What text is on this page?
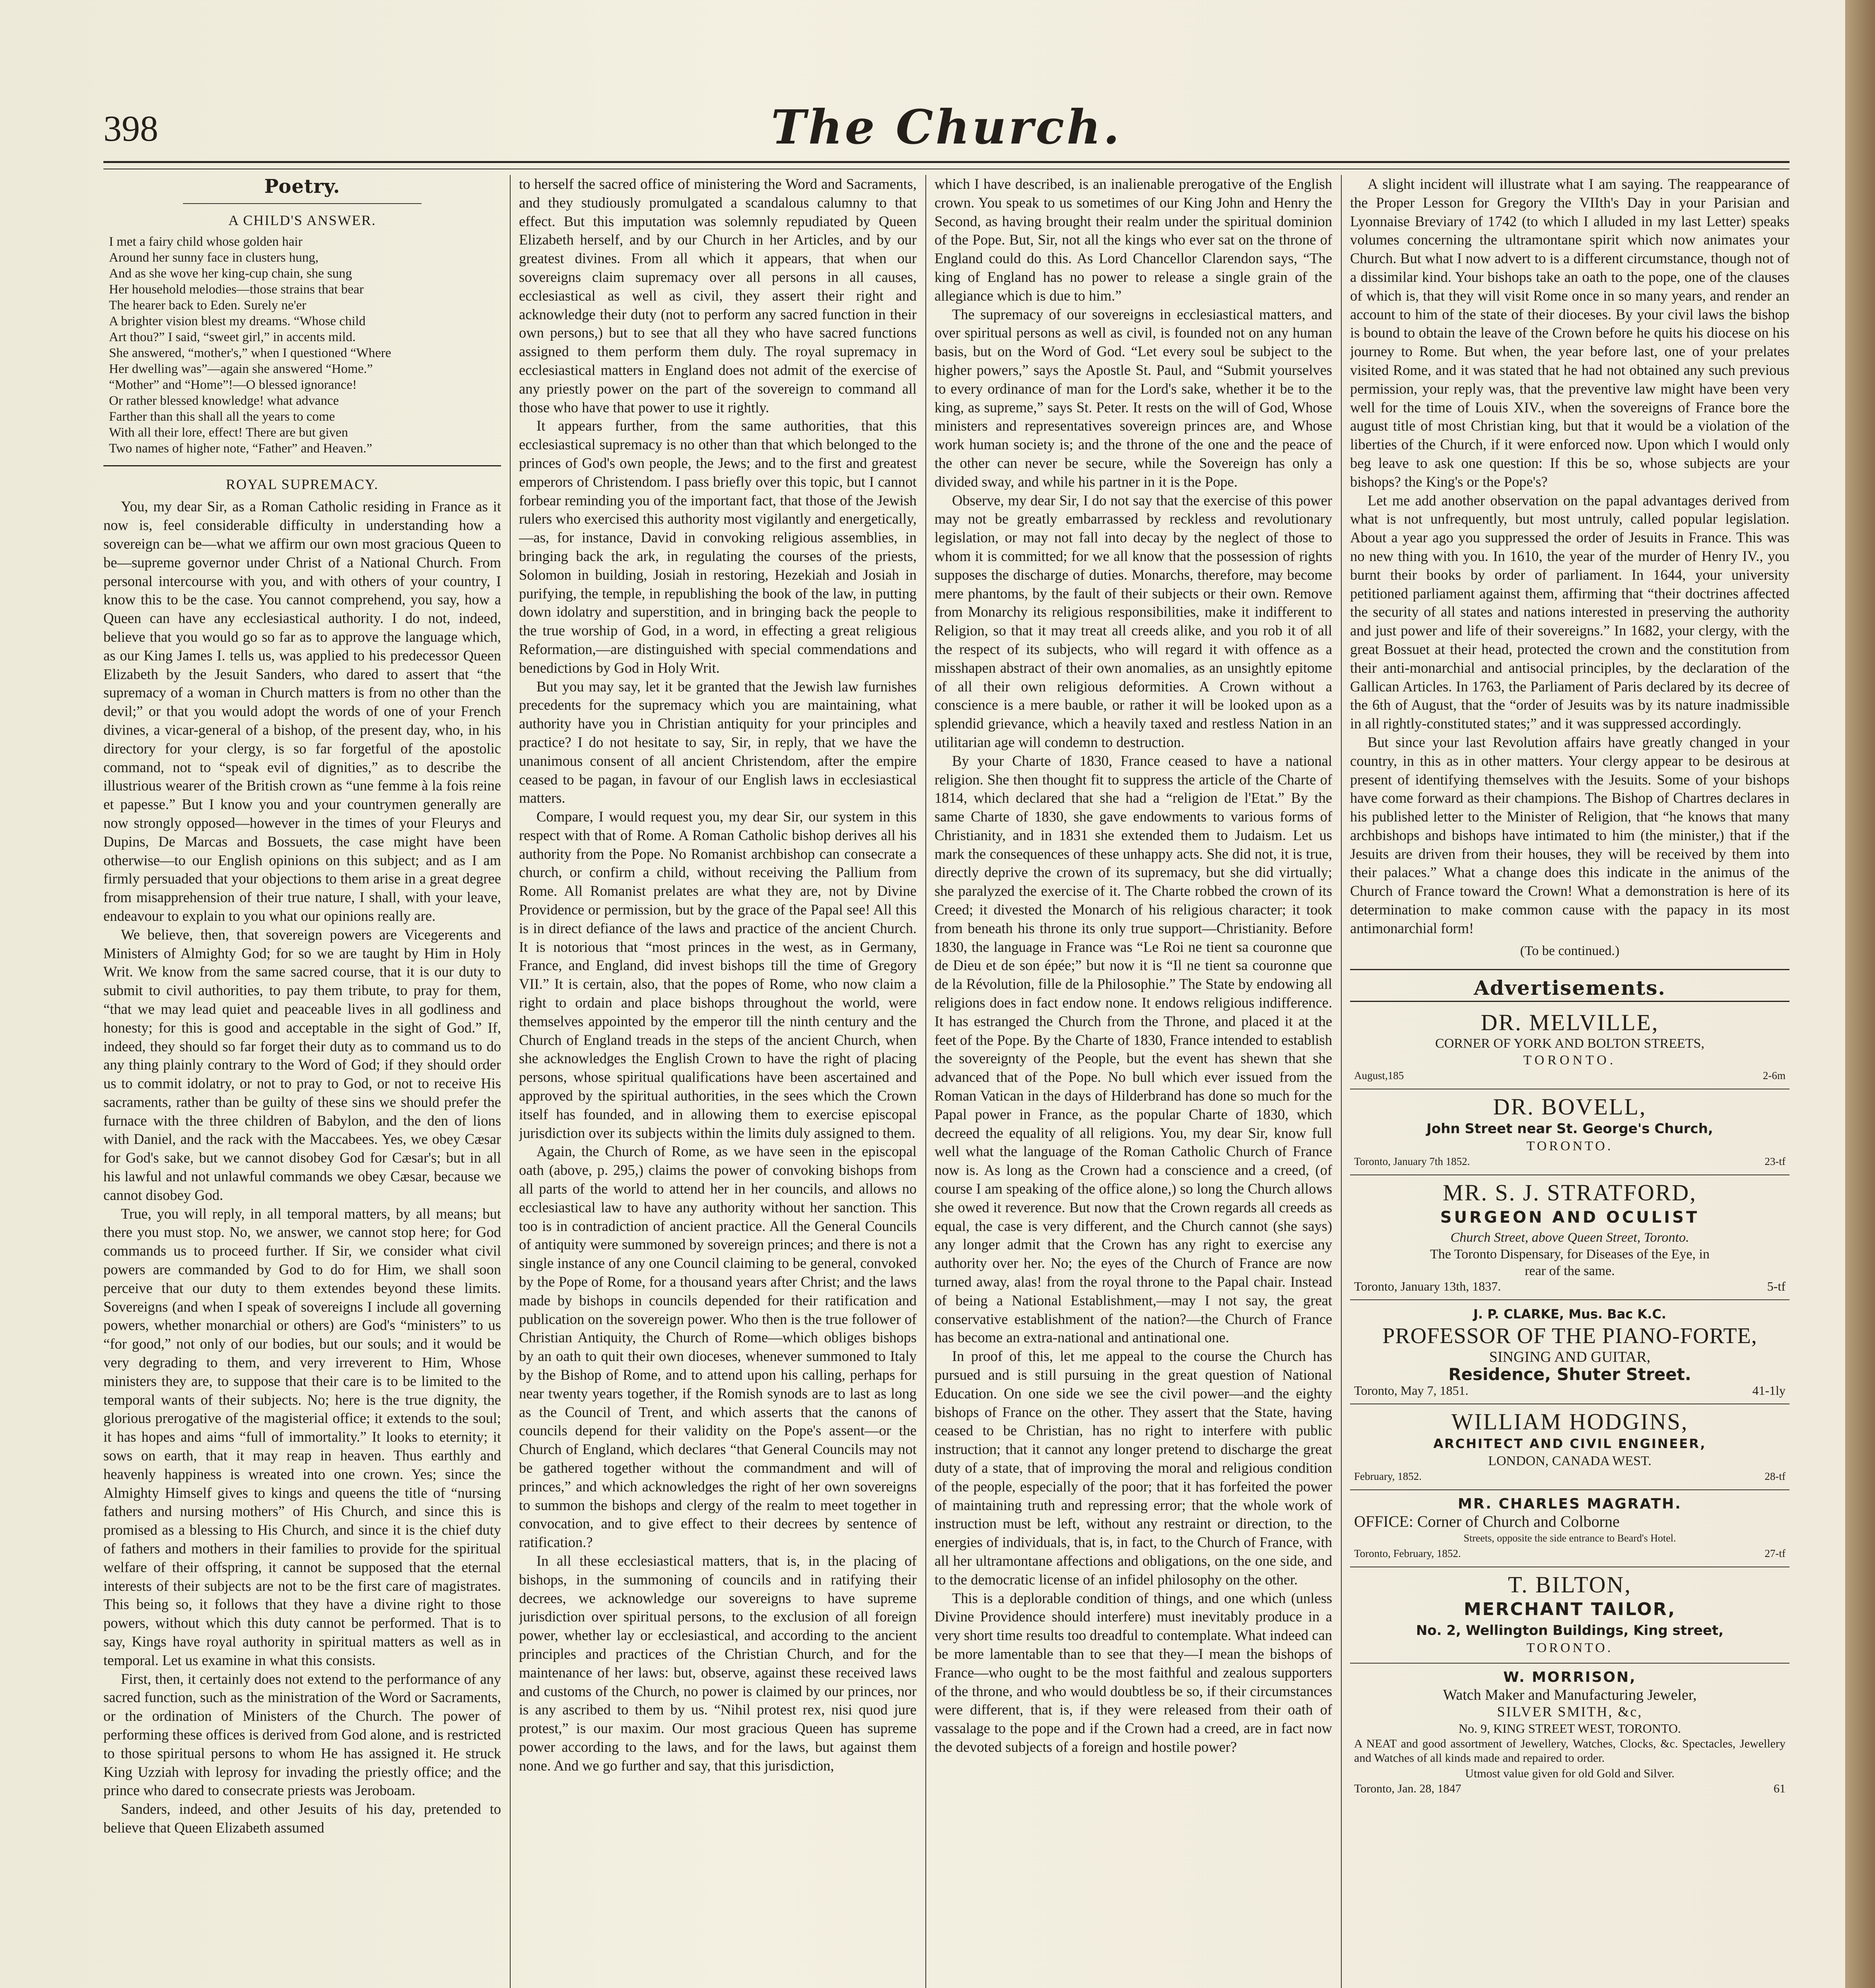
398	The Church.
Poetry.
A CHILD'S ANSWER.
I met a fairy child whose golden hair
Around her sunny face in clusters hung,
And as she wove her king-cup chain, she sung
Her household melodies—those strains that bear
The hearer back to Eden. Surely ne'er
A brighter vision blest my dreams. “Whose child
Art thou?” I said, “sweet girl,” in accents mild.
She answered, “mother's,” when I questioned “Where
Her dwelling was”—again she answered “Home.”
“Mother” and “Home”!—O blessed ignorance!
Or rather blessed knowledge! what advance
Farther than this shall all the years to come
With all their lore, effect! There are but given
Two names of higher note, “Father” and Heaven.”
ROYAL SUPREMACY.

You, my dear Sir, as a Roman Catholic residing in France as it now is, feel considerable difficulty in understanding how a sovereign can be—what we affirm our own most gracious Queen to be—supreme governor under Christ of a National Church. From personal intercourse with you, and with others of your country, I know this to be the case. You cannot comprehend, you say, how a Queen can have any ecclesiastical authority. I do not, indeed, believe that you would go so far as to approve the language which, as our King James I. tells us, was applied to his predecessor Queen Elizabeth by the Jesuit Sanders, who dared to assert that “the supremacy of a woman in Church matters is from no other than the devil;” or that you would adopt the words of one of your French divines, a vicar-general of a bishop, of the present day, who, in his directory for your clergy, is so far forgetful of the apostolic command, not to “speak evil of dignities,” as to describe the illustrious wearer of the British crown as “une femme à la fois reine et papesse.” But I know you and your countrymen generally are now strongly opposed—however in the times of your Fleurys and Dupins, De Marcas and Bossuets, the case might have been otherwise—to our English opinions on this subject; and as I am firmly persuaded that your objections to them arise in a great degree from misapprehension of their true nature, I shall, with your leave, endeavour to explain to you what our opinions really are.

We believe, then, that sovereign powers are Vicegerents and Ministers of Almighty God; for so we are taught by Him in Holy Writ. We know from the same sacred course, that it is our duty to submit to civil authorities, to pay them tribute, to pray for them, “that we may lead quiet and peaceable lives in all godliness and honesty; for this is good and acceptable in the sight of God.” If, indeed, they should so far forget their duty as to command us to do any thing plainly contrary to the Word of God; if they should order us to commit idolatry, or not to pray to God, or not to receive His sacraments, rather than be guilty of these sins we should prefer the furnace with the three children of Babylon, and the den of lions with Daniel, and the rack with the Maccabees. Yes, we obey Cæsar for God's sake, but we cannot disobey God for Cæsar's; but in all his lawful and not unlawful commands we obey Cæsar, because we cannot disobey God.

True, you will reply, in all temporal matters, by all means; but there you must stop. No, we answer, we cannot stop here; for God commands us to proceed further. If Sir, we consider what civil powers are commanded by God to do for Him, we shall soon perceive that our duty to them extendes beyond these limits. Sovereigns (and when I speak of sovereigns I include all governing powers, whether monarchial or others) are God's “ministers” to us “for good,” not only of our bodies, but our souls; and it would be very degrading to them, and very irreverent to Him, Whose ministers they are, to suppose that their care is to be limited to the temporal wants of their subjects. No; here is the true dignity, the glorious prerogative of the magisterial office; it extends to the soul; it has hopes and aims “full of immortality.” It looks to eternity; it sows on earth, that it may reap in heaven. Thus earthly and heavenly happiness is wreated into one crown. Yes; since the Almighty Himself gives to kings and queens the title of “nursing fathers and nursing mothers” of His Church, and since this is promised as a blessing to His Church, and since it is the chief duty of fathers and mothers in their families to provide for the spiritual welfare of their offspring, it cannot be supposed that the eternal interests of their subjects are not to be the first care of magistrates. This being so, it follows that they have a divine right to those powers, without which this duty cannot be performed. That is to say, Kings have royal authority in spiritual matters as well as in temporal. Let us examine in what this consists.

First, then, it certainly does not extend to the performance of any sacred function, such as the ministration of the Word or Sacraments, or the ordination of Ministers of the Church. The power of performing these offices is derived from God alone, and is restricted to those spiritual persons to whom He has assigned it. He struck King Uzziah with leprosy for invading the priestly office; and the prince who dared to consecrate priests was Jeroboam.

Sanders, indeed, and other Jesuits of his day, pretended to believe that Queen Elizabeth assumed

to herself the sacred office of ministering the Word and Sacraments, and they studiously promulgated a scandalous calumny to that effect. But this imputation was solemnly repudiated by Queen Elizabeth herself, and by our Church in her Articles, and by our greatest divines. From all which it appears, that when our sovereigns claim supremacy over all persons in all causes, ecclesiastical as well as civil, they assert their right and acknowledge their duty (not to perform any sacred function in their own persons,) but to see that all they who have sacred functions assigned to them perform them duly. The royal supremacy in ecclesiastical matters in England does not admit of the exercise of any priestly power on the part of the sovereign to command all those who have that power to use it rightly.

It appears further, from the same authorities, that this ecclesiastical supremacy is no other than that which belonged to the princes of God's own people, the Jews; and to the first and greatest emperors of Christendom. I pass briefly over this topic, but I cannot forbear reminding you of the important fact, that those of the Jewish rulers who exercised this authority most vigilantly and energetically,—as, for instance, David in convoking religious assemblies, in bringing back the ark, in regulating the courses of the priests, Solomon in building, Josiah in restoring, Hezekiah and Josiah in purifying, the temple, in republishing the book of the law, in putting down idolatry and superstition, and in bringing back the people to the true worship of God, in a word, in effecting a great religious Reformation,—are distinguished with special commendations and benedictions by God in Holy Writ.

But you may say, let it be granted that the Jewish law furnishes precedents for the supremacy which you are maintaining, what authority have you in Christian antiquity for your principles and practice? I do not hesitate to say, Sir, in reply, that we have the unanimous consent of all ancient Christendom, after the empire ceased to be pagan, in favour of our English laws in ecclesiastical matters.

Compare, I would request you, my dear Sir, our system in this respect with that of Rome. A Roman Catholic bishop derives all his authority from the Pope. No Romanist archbishop can consecrate a church, or confirm a child, without receiving the Pallium from Rome. All Romanist prelates are what they are, not by Divine Providence or permission, but by the grace of the Papal see! All this is in direct defiance of the laws and practice of the ancient Church. It is notorious that “most princes in the west, as in Germany, France, and England, did invest bishops till the time of Gregory VII.” It is certain, also, that the popes of Rome, who now claim a right to ordain and place bishops throughout the world, were themselves appointed by the emperor till the ninth century and the Church of England treads in the steps of the ancient Church, when she acknowledges the English Crown to have the right of placing persons, whose spiritual qualifications have been ascertained and approved by the spiritual authorities, in the sees which the Crown itself has founded, and in allowing them to exercise episcopal jurisdiction over its subjects within the limits duly assigned to them.

Again, the Church of Rome, as we have seen in the episcopal oath (above, p. 295,) claims the power of convoking bishops from all parts of the world to attend her in her councils, and allows no ecclesiastical law to have any authority without her sanction. This too is in contradiction of ancient practice. All the General Councils of antiquity were summoned by sovereign princes; and there is not a single instance of any one Council claiming to be general, convoked by the Pope of Rome, for a thousand years after Christ; and the laws made by bishops in councils depended for their ratification and publication on the sovereign power. Who then is the true follower of Christian Antiquity, the Church of Rome—which obliges bishops by an oath to quit their own dioceses, whenever summoned to Italy by the Bishop of Rome, and to attend upon his calling, perhaps for near twenty years together, if the Romish synods are to last as long as the Council of Trent, and which asserts that the canons of councils depend for their validity on the Pope's assent—or the Church of England, which declares “that General Councils may not be gathered together without the commandment and will of princes,” and which acknowledges the right of her own sovereigns to summon the bishops and clergy of the realm to meet together in convocation, and to give effect to their decrees by sentence of ratification.?

In all these ecclesiastical matters, that is, in the placing of bishops, in the summoning of councils and in ratifying their decrees, we acknowledge our sovereigns to have supreme jurisdiction over spiritual persons, to the exclusion of all foreign power, whether lay or ecclesiastical, and according to the ancient principles and practices of the Christian Church, and for the maintenance of her laws: but, observe, against these received laws and customs of the Church, no power is claimed by our princes, nor is any ascribed to them by us. “Nihil protest rex, nisi quod jure protest,” is our maxim. Our most gracious Queen has supreme power according to the laws, and for the laws, but against them none. And we go further and say, that this jurisdiction,

which I have described, is an inalienable prerogative of the English crown. You speak to us sometimes of our King John and Henry the Second, as having brought their realm under the spiritual dominion of the Pope. But, Sir, not all the kings who ever sat on the throne of England could do this. As Lord Chancellor Clarendon says, “The king of England has no power to release a single grain of the allegiance which is due to him.”

The supremacy of our sovereigns in ecclesiastical matters, and over spiritual persons as well as civil, is founded not on any human basis, but on the Word of God. “Let every soul be subject to the higher powers,” says the Apostle St. Paul, and “Submit yourselves to every ordinance of man for the Lord's sake, whether it be to the king, as supreme,” says St. Peter. It rests on the will of God, Whose ministers and representatives sovereign princes are, and Whose work human society is; and the throne of the one and the peace of the other can never be secure, while the Sovereign has only a divided sway, and while his partner in it is the Pope.

Observe, my dear Sir, I do not say that the exercise of this power may not be greatly embarrassed by reckless and revolutionary legislation, or may not fall into decay by the neglect of those to whom it is committed; for we all know that the possession of rights supposes the discharge of duties. Monarchs, therefore, may become mere phantoms, by the fault of their subjects or their own. Remove from Monarchy its religious responsibilities, make it indifferent to Religion, so that it may treat all creeds alike, and you rob it of all the respect of its subjects, who will regard it with offence as a misshapen abstract of their own anomalies, as an unsightly epitome of all their own religious deformities. A Crown without a conscience is a mere bauble, or rather it will be looked upon as a splendid grievance, which a heavily taxed and restless Nation in an utilitarian age will condemn to destruction.

By your Charte of 1830, France ceased to have a national religion. She then thought fit to suppress the article of the Charte of 1814, which declared that she had a “religion de l'Etat.” By the same Charte of 1830, she gave endowments to various forms of Christianity, and in 1831 she extended them to Judaism. Let us mark the consequences of these unhappy acts. She did not, it is true, directly deprive the crown of its supremacy, but she did virtually; she paralyzed the exercise of it. The Charte robbed the crown of its Creed; it divested the Monarch of his religious character; it took from beneath his throne its only true support—Christianity. Before 1830, the language in France was “Le Roi ne tient sa couronne que de Dieu et de son épée;” but now it is “Il ne tient sa couronne que de la Révolution, fille de la Philosophie.” The State by endowing all religions does in fact endow none. It endows religious indifference. It has estranged the Church from the Throne, and placed it at the feet of the Pope. By the Charte of 1830, France intended to establish the sovereignty of the People, but the event has shewn that she advanced that of the Pope. No bull which ever issued from the Roman Vatican in the days of Hilderbrand has done so much for the Papal power in France, as the popular Charte of 1830, which decreed the equality of all religions. You, my dear Sir, know full well what the language of the Roman Catholic Church of France now is. As long as the Crown had a conscience and a creed, (of course I am speaking of the office alone,) so long the Church allows she owed it reverence. But now that the Crown regards all creeds as equal, the case is very different, and the Church cannot (she says) any longer admit that the Crown has any right to exercise any authority over her. No; the eyes of the Church of France are now turned away, alas! from the royal throne to the Papal chair. Instead of being a National Establishment,—may I not say, the great conservative establishment of the nation?—the Church of France has become an extra-national and antinational one.

In proof of this, let me appeal to the course the Church has pursued and is still pursuing in the great question of National Education. On one side we see the civil power—and the eighty bishops of France on the other. They assert that the State, having ceased to be Christian, has no right to interfere with public instruction; that it cannot any longer pretend to discharge the great duty of a state, that of improving the moral and religious condition of the people, especially of the poor; that it has forfeited the power of maintaining truth and repressing error; that the whole work of instruction must be left, without any restraint or direction, to the energies of individuals, that is, in fact, to the Church of France, with all her ultramontane affections and obligations, on the one side, and to the democratic license of an infidel philosophy on the other.

This is a deplorable condition of things, and one which (unless Divine Providence should interfere) must inevitably produce in a very short time results too dreadful to contemplate. What indeed can be more lamentable than to see that they—I mean the bishops of France—who ought to be the most faithful and zealous supporters of the throne, and who would doubtless be so, if their circumstances were different, that is, if they were released from their oath of vassalage to the pope and if the Crown had a creed, are in fact now the devoted subjects of a foreign and hostile power?

A slight incident will illustrate what I am saying. The reappearance of the Proper Lesson for Gregory the VIIth's Day in your Parisian and Lyonnaise Breviary of 1742 (to which I alluded in my last Letter) speaks volumes concerning the ultramontane spirit which now animates your Church. But what I now advert to is a different circumstance, though not of a dissimilar kind. Your bishops take an oath to the pope, one of the clauses of which is, that they will visit Rome once in so many years, and render an account to him of the state of their dioceses. By your civil laws the bishop is bound to obtain the leave of the Crown before he quits his diocese on his journey to Rome. But when, the year before last, one of your prelates visited Rome, and it was stated that he had not obtained any such previous permission, your reply was, that the preventive law might have been very well for the time of Louis XIV., when the sovereigns of France bore the august title of most Christian king, but that it would be a violation of the liberties of the Church, if it were enforced now. Upon which I would only beg leave to ask one question: If this be so, whose subjects are your bishops? the King's or the Pope's?

Let me add another observation on the papal advantages derived from what is not unfrequently, but most untruly, called popular legislation. About a year ago you suppressed the order of Jesuits in France. This was no new thing with you. In 1610, the year of the murder of Henry IV., you burnt their books by order of parliament. In 1644, your university petitioned parliament against them, affirming that “their doctrines affected the security of all states and nations interested in preserving the authority and just power and life of their sovereigns.” In 1682, your clergy, with the great Bossuet at their head, protected the crown and the constitution from their anti-monarchial and antisocial principles, by the declaration of the Gallican Articles. In 1763, the Parliament of Paris declared by its decree of the 6th of August, that the “order of Jesuits was by its nature inadmissible in all rightly-constituted states;” and it was suppressed accordingly.

But since your last Revolution affairs have greatly changed in your country, in this as in other matters. Your clergy appear to be desirous at present of identifying themselves with the Jesuits. Some of your bishops have come forward as their champions. The Bishop of Chartres declares in his published letter to the Minister of Religion, that “he knows that many archbishops and bishops have intimated to him (the minister,) that if the Jesuits are driven from their houses, they will be received by them into their palaces.” What a change does this indicate in the animus of the Church of France toward the Crown! What a demonstration is here of its determination to make common cause with the papacy in its most antimonarchial form!

(To be continued.)
Advertisements.
DR. MELVILLE,
CORNER OF YORK AND BOLTON STREETS,
TORONTO.
August,185	2-6m
DR. BOVELL,
John Street near St. George's Church,
TORONTO.
Toronto, January 7th 1852.	23-tf
MR. S. J. STRATFORD,
SURGEON AND OCULIST
Church Street, above Queen Street, Toronto.
The Toronto Dispensary, for Diseases of the Eye, in
rear of the same.
Toronto, January 13th, 1837.	5-tf
J. P. CLARKE, Mus. Bac K.C.
PROFESSOR OF THE PIANO-FORTE,
SINGING AND GUITAR,
Residence, Shuter Street.
Toronto, May 7, 1851.	41-1ly
WILLIAM HODGINS,
ARCHITECT AND CIVIL ENGINEER,
LONDON, CANADA WEST.
February, 1852.	28-tf
MR. CHARLES MAGRATH.
OFFICE: Corner of Church and Colborne
Streets, opposite the side entrance to Beard's Hotel.
Toronto, February, 1852.	27-tf
T. BILTON,
MERCHANT TAILOR,
No. 2, Wellington Buildings, King street,
TORONTO.
W. MORRISON,
Watch Maker and Manufacturing Jeweler,
SILVER SMITH, &c,
No. 9, KING STREET WEST, TORONTO.
A NEAT and good assortment of Jewellery, Watches, Clocks, &c. Spectacles, Jewellery and Watches of all kinds made and repaired to order.
Utmost value given for old Gold and Silver.
Toronto, Jan. 28, 1847	61
